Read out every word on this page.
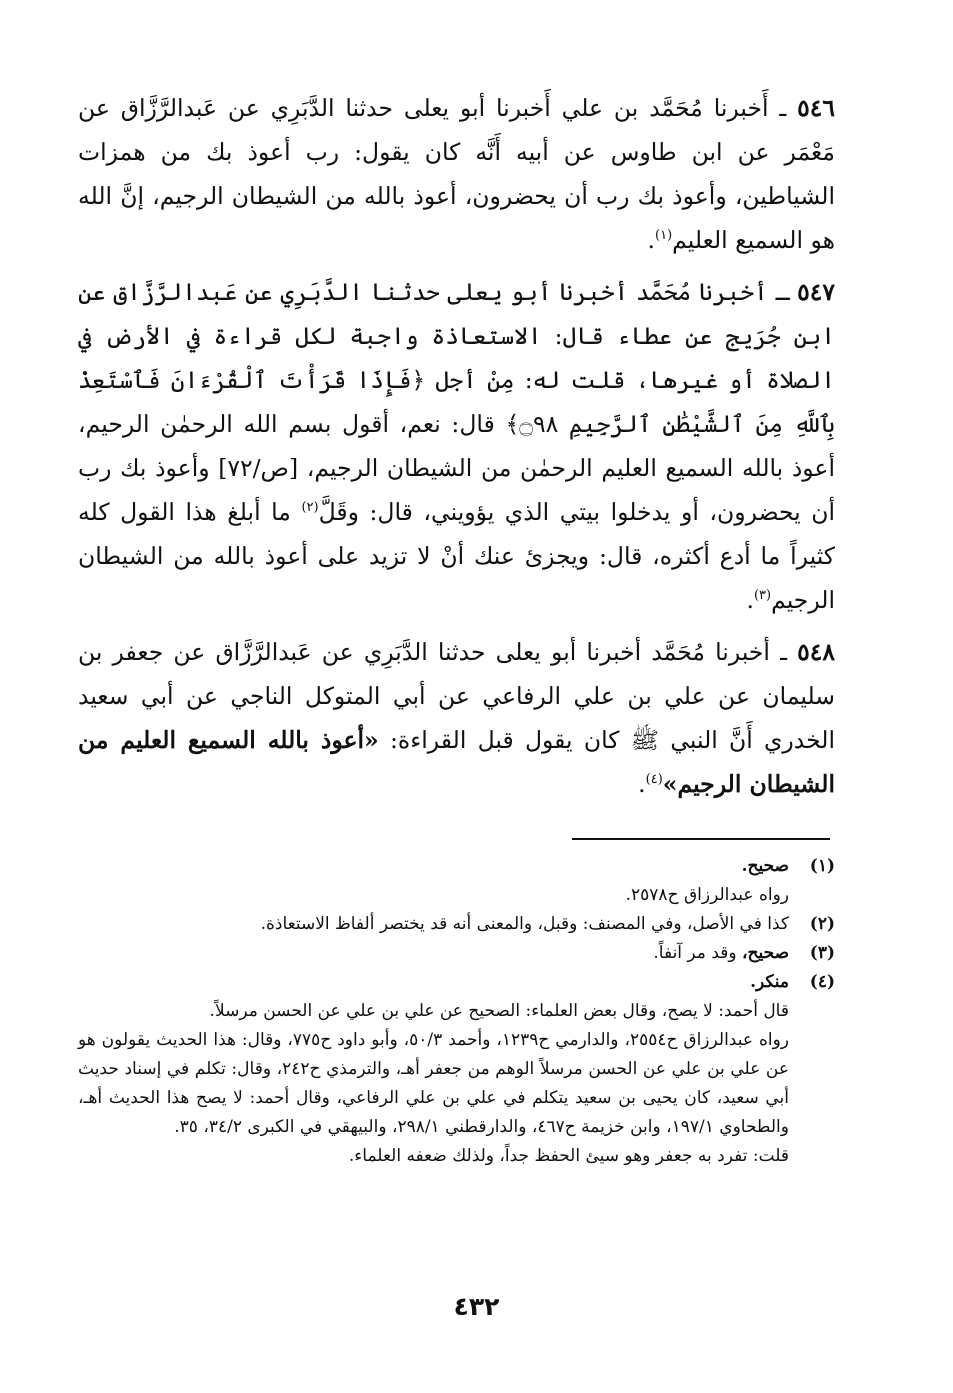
٥٤٦ ـ أَخبرنا مُحَمَّد بن علي أَخبرنا أبو يعلى حدثنا الدَّبَرِي عن عَبدالرَّزَّاق عن مَعْمَر عن ابن طاوس عن أبيه أَنَّه كان يقول: رب أعوذ بك من همزات الشياطين، وأعوذ بك رب أن يحضرون، أعوذ بالله من الشيطان الرجيم، إنَّ الله هو السميع العليم$^{(١)}$.

٥٤٧ ـ أخبرنا مُحَمَّد أخبرنا أبو يعلى حدثنا الدَّبَرِي عن عَبدالرَّزَّاق عن ابن جُرَيج عن عطاء قال: الاستعاذة واجبة لكل قراءة في الأرض في الصلاة أو غيرها، قلت له: مِنْ أجل ﴿فَإِذَا قَرَأْتَ ٱلْقُرْءَانَ فَٱسْتَعِذْ بِٱللَّهِ مِنَ ٱلشَّيْطَٰنِ ٱلرَّجِيمِ ۝٩٨﴾ قال: نعم، أقول بسم الله الرحمٰن الرحيم، أعوذ بالله السميع العليم الرحمٰن من الشيطان الرجيم، [ص/٧٢] وأعوذ بك رب أن يحضرون، أو يدخلوا بيتي الذي يؤويني، قال: وقَلَّ$^{(٢)}$ ما أبلغ هذا القول كله كثيراً ما أدع أكثره، قال: ويجزئ عنك أنْ لا تزيد على أعوذ بالله من الشيطان الرجيم$^{(٣)}$.

٥٤٨ ـ أخبرنا مُحَمَّد أخبرنا أبو يعلى حدثنا الدَّبَرِي عن عَبدالرَّزَّاق عن جعفر بن سليمان عن علي بن علي الرفاعي عن أبي المتوكل الناجي عن أبي سعيد الخدري أَنَّ النبي ﷺ كان يقول قبل القراءة: «أعوذ بالله السميع العليم من الشيطان الرجيم»$^{(٤)}$.

(١)صحيح.

رواه عبدالرزاق ح٢٥٧٨.

(٢)كذا في الأصل، وفي المصنف: وقبل، والمعنى أنه قد يختصر ألفاظ الاستعاذة.

(٣)صحيح، وقد مر آنفاً.

(٤)منكر.

قال أحمد: لا يصح، وقال بعض العلماء: الصحيح عن علي بن علي عن الحسن مرسلاً.

رواه عبدالرزاق ح٢٥٥٤، والدارمي ح١٢٣٩، وأحمد ٥٠/٣، وأبو داود ح٧٧٥، وقال: هذا الحديث يقولون هو عن علي بن علي عن الحسن مرسلاً الوهم من جعفر أهـ، والترمذي ح٢٤٢، وقال: تكلم في إسناد حديث أبي سعيد، كان يحيى بن سعيد يتكلم في علي بن علي الرفاعي، وقال أحمد: لا يصح هذا الحديث أهـ، والطحاوي ١٩٧/١، وابن خزيمة ح٤٦٧، والدارقطني ٢٩٨/١، والبيهقي في الكبرى ٣٤/٢، ٣٥.

قلت: تفرد به جعفر وهو سيئ الحفظ جداً، ولذلك ضعفه العلماء.

٤٣٢
